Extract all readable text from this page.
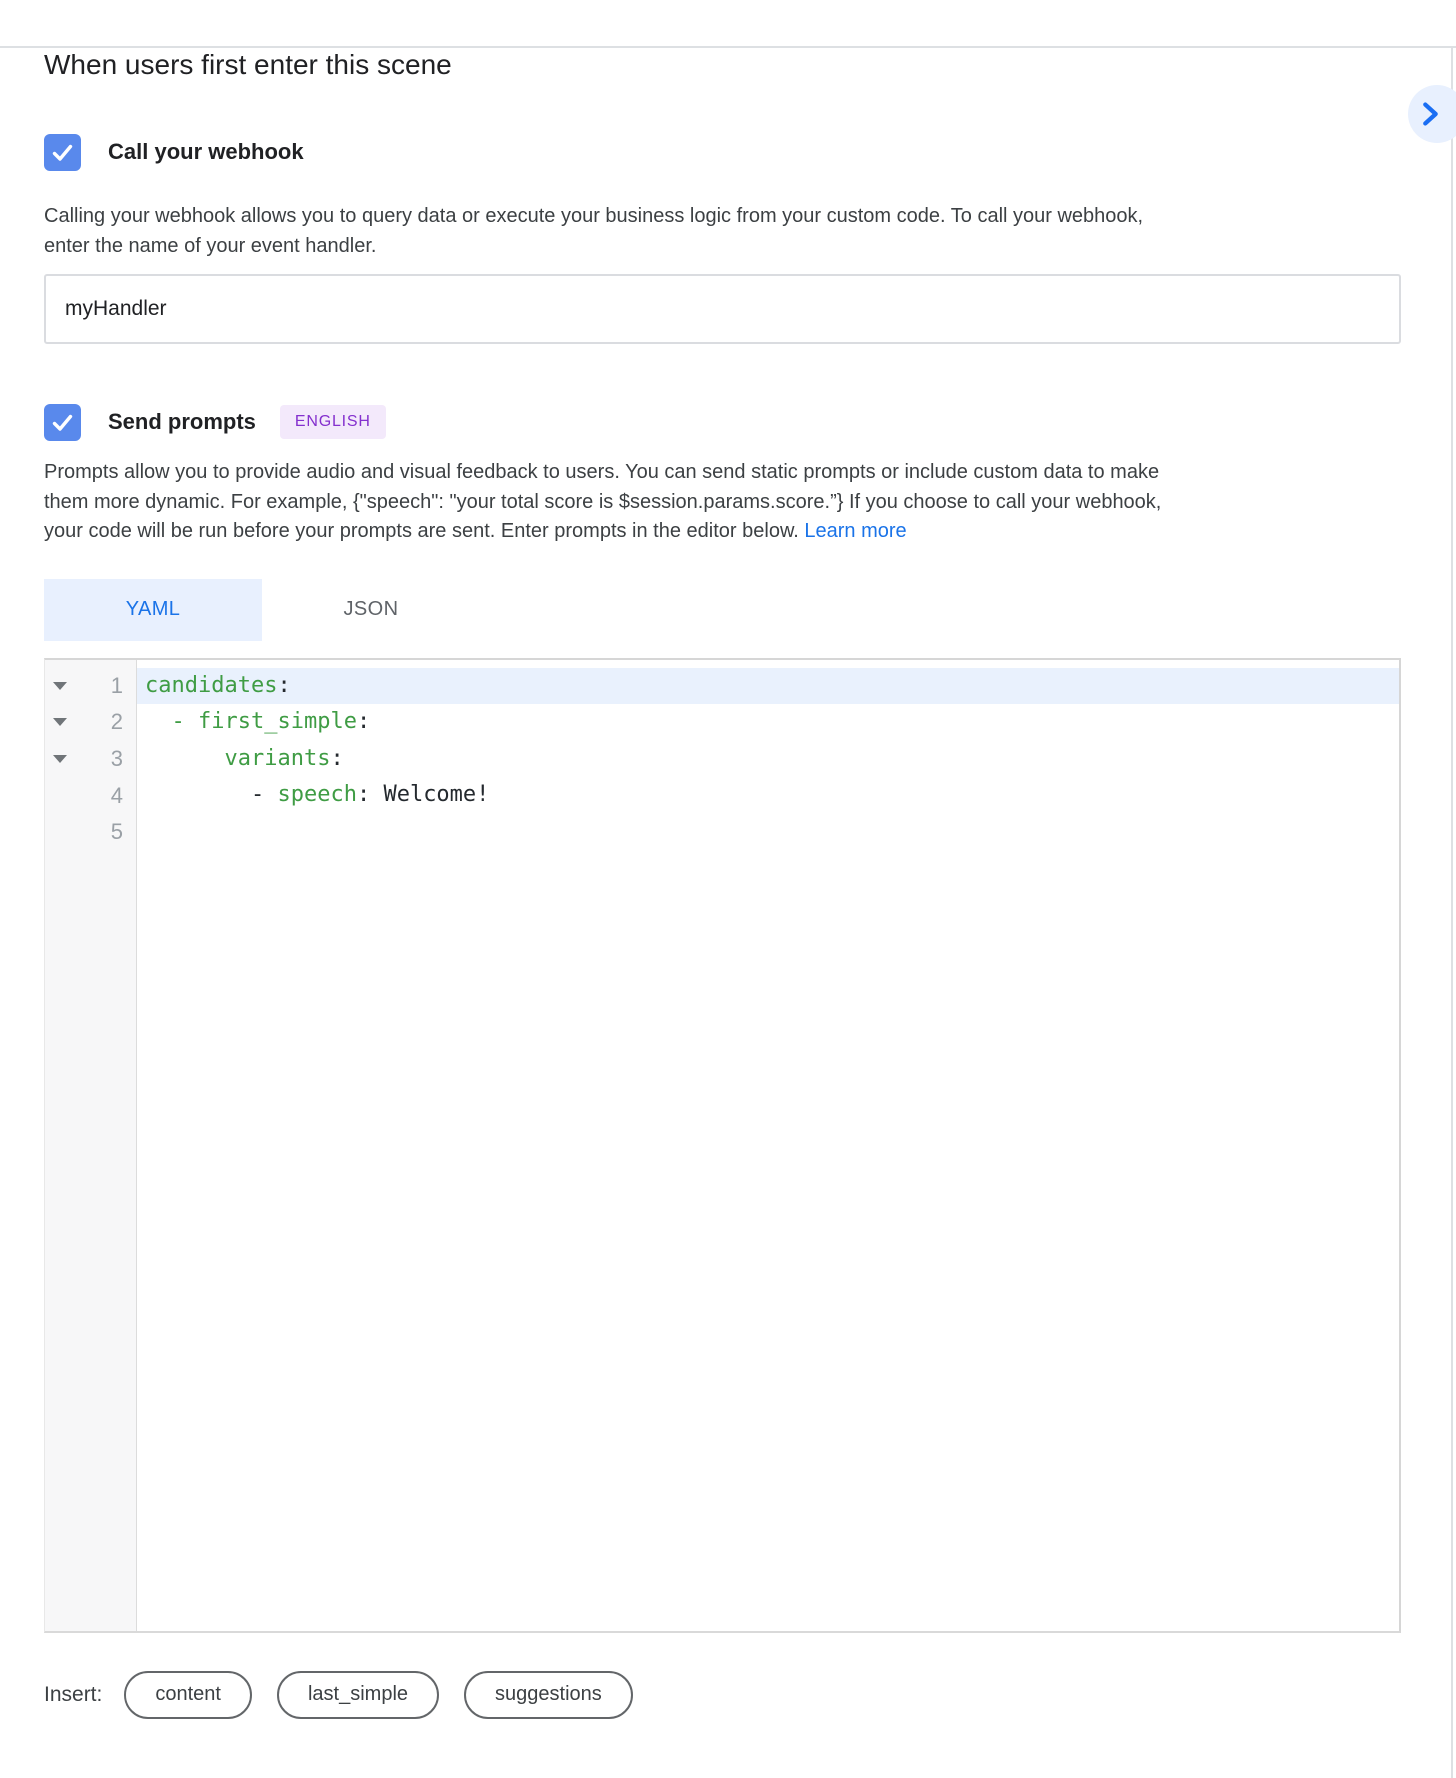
When users first enter this scene
Call your webhook
Calling your webhook allows you to query data or execute your business logic from your custom code. To call your webhook,
enter the name of your event handler.
myHandler
Send prompts	ENGLISH
Prompts allow you to provide audio and visual feedback to users. You can send static prompts or include custom data to make
them more dynamic. For example, {"speech": "your total score is $session.params.score.”} If you choose to call your webhook,
your code will be run before your prompts are sent. Enter prompts in the editor below. Learn more
YAML	JSON
1
2
3
4
5
candidates:
- first_simple:
variants:
- speech: Welcome!
Insert:	content	last_simple	suggestions
